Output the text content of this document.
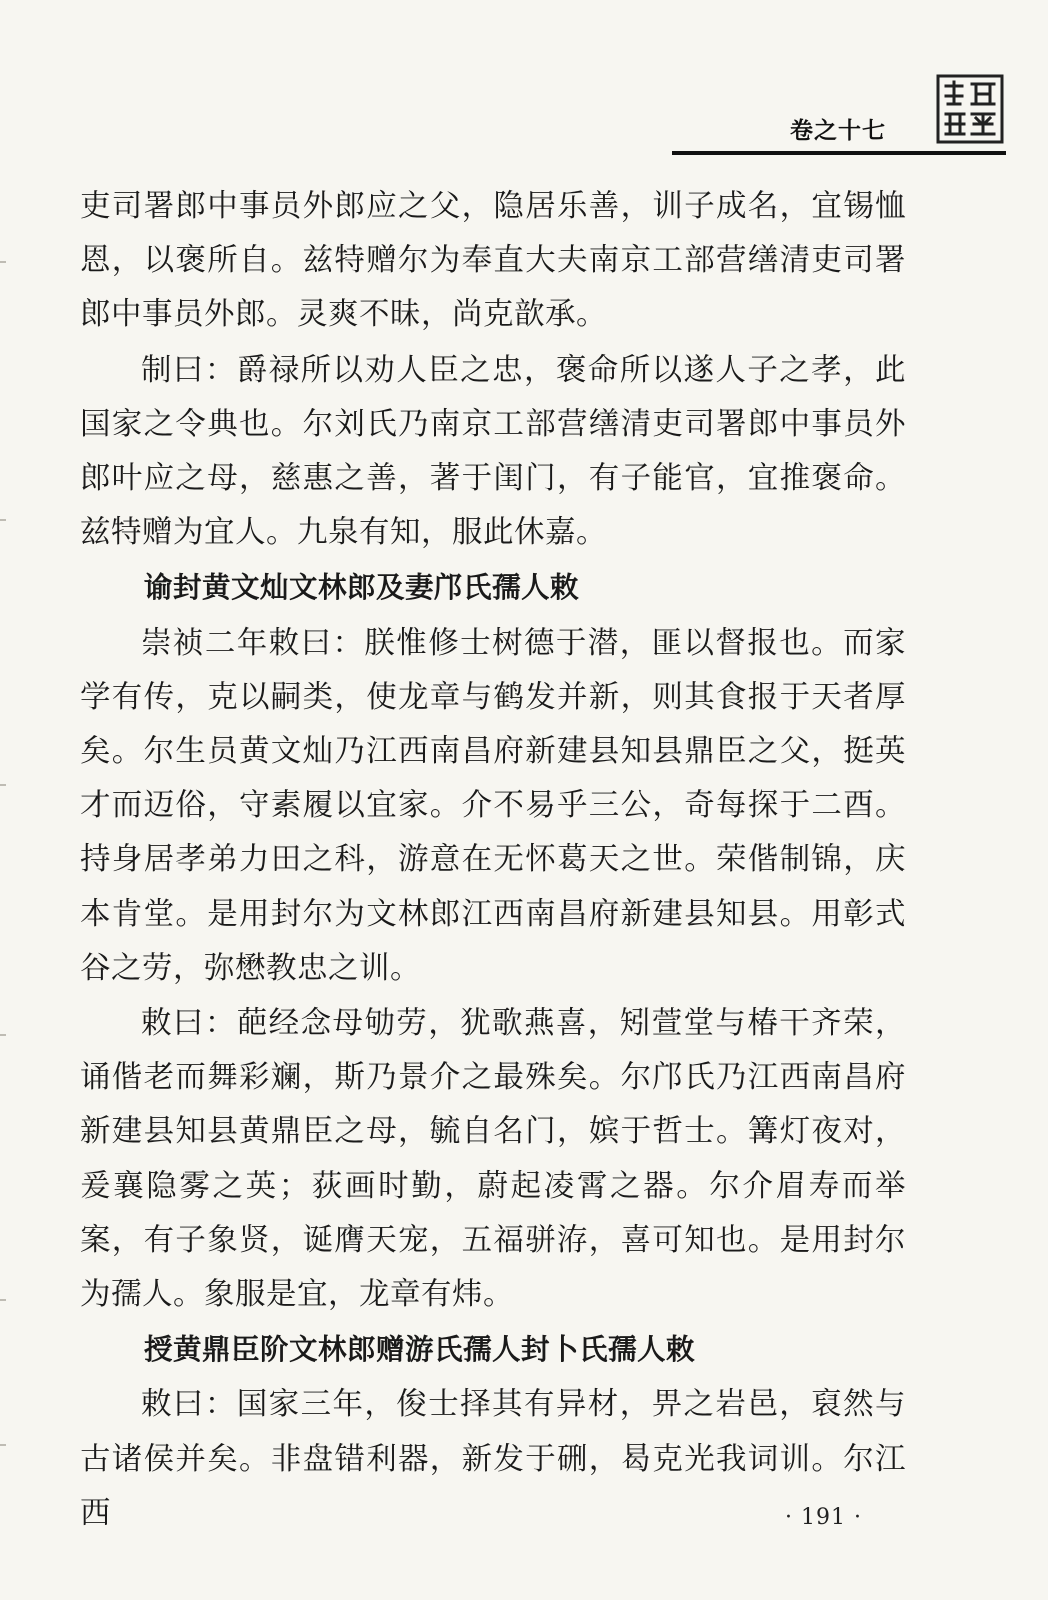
卷之十七

吏司署郎中事员外郎应之父，隐居乐善，训子成名，宜锡恤恩，以褒所自。兹特赠尔为奉直大夫南京工部营缮清吏司署郎中事员外郎。灵爽不昧，尚克歆承。

制曰：爵禄所以劝人臣之忠，褒命所以遂人子之孝，此国家之令典也。尔刘氏乃南京工部营缮清吏司署郎中事员外郎叶应之母，慈惠之善，著于闺门，有子能官，宜推褒命。兹特赠为宜人。九泉有知，服此休嘉。

谕封黄文灿文林郎及妻邝氏孺人敕

崇祯二年敕曰：朕惟修士树德于潜，匪以督报也。而家学有传，克以嗣类，使龙章与鹤发并新，则其食报于天者厚矣。尔生员黄文灿乃江西南昌府新建县知县鼎臣之父，挺英才而迈俗，守素履以宜家。介不易乎三公，奇每探于二酉。持身居孝弟力田之科，游意在无怀葛天之世。荣偕制锦，庆本肯堂。是用封尔为文林郎江西南昌府新建县知县。用彰式谷之劳，弥懋教忠之训。

敕曰：葩经念母劬劳，犹歌燕喜，矧萱堂与椿干齐荣，诵偕老而舞彩斓，斯乃景介之最殊矣。尔邝氏乃江西南昌府新建县知县黄鼎臣之母，毓自名门，嫔于哲士。篝灯夜对，爰襄隐雾之英；荻画时勤，蔚起凌霄之器。尔介眉寿而举案，有子象贤，诞膺天宠，五福骈洊，喜可知也。是用封尔为孺人。象服是宜，龙章有炜。

授黄鼎臣阶文林郎赠游氏孺人封卜氏孺人敕

敕曰：国家三年，俊士择其有异材，畀之岩邑，裒然与古诸侯并矣。非盘错利器，新发于硎，曷克光我词训。尔江西	· 191 ·
